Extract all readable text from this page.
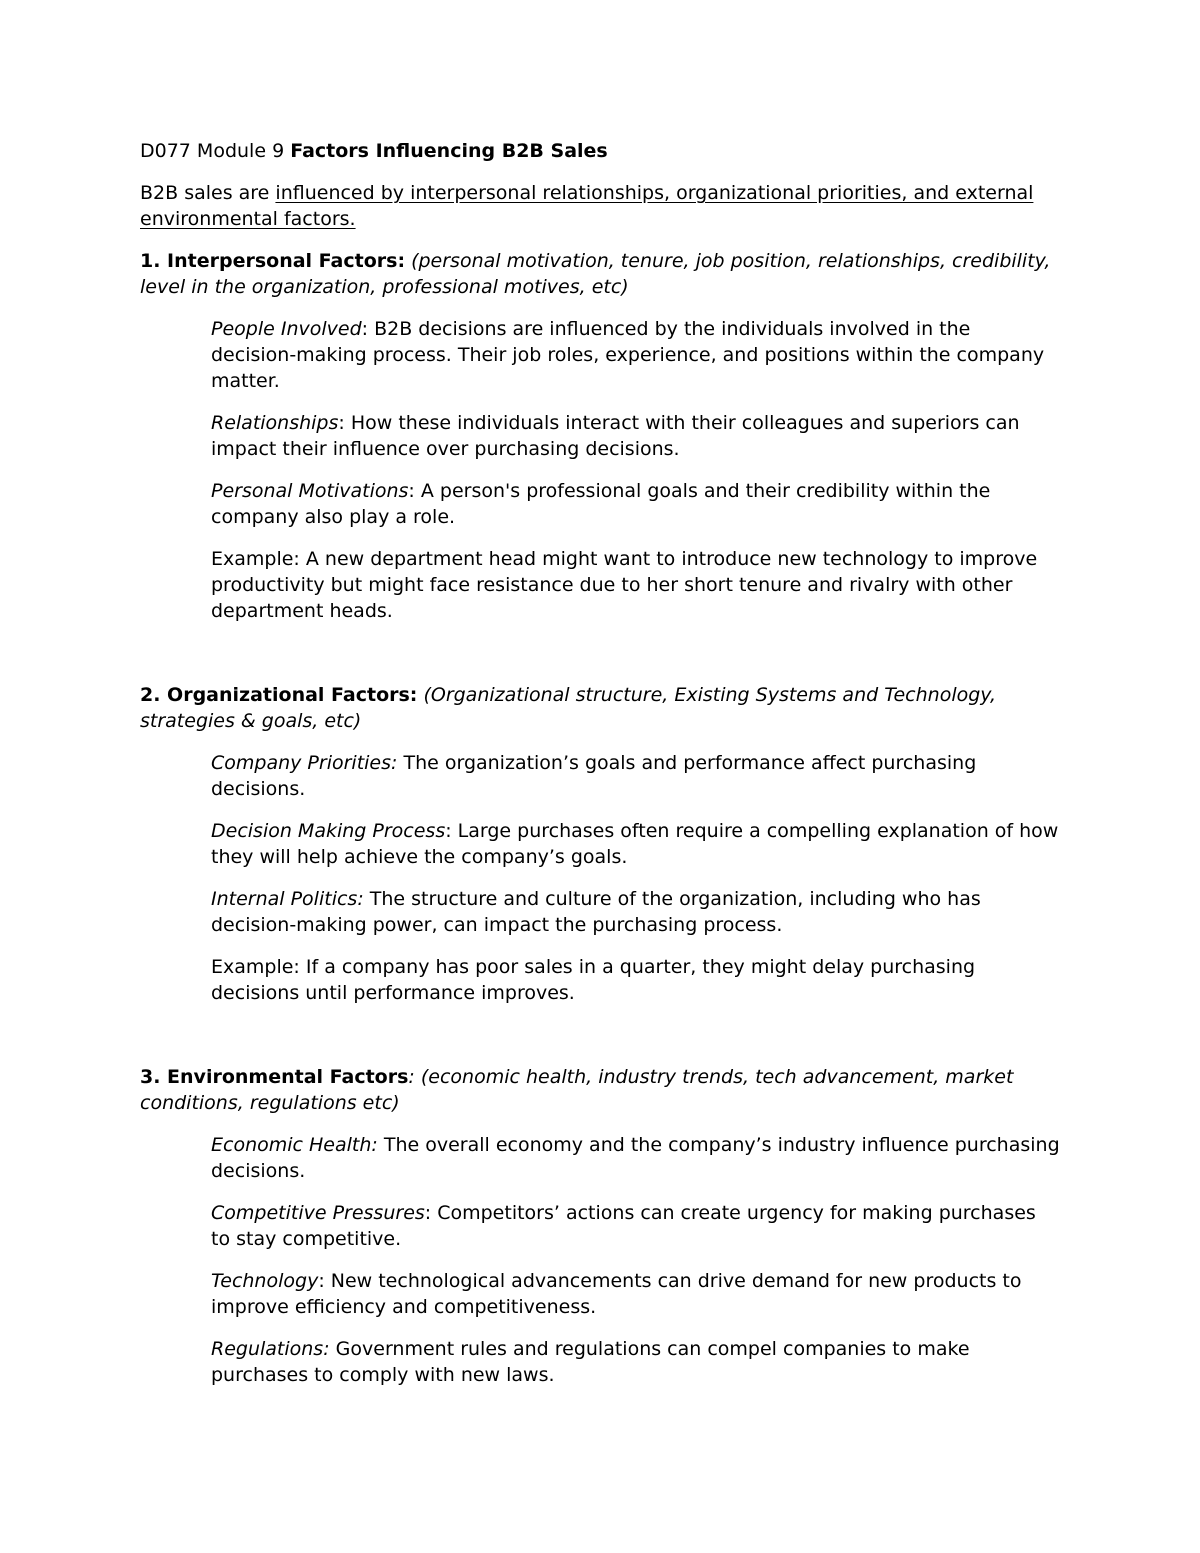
D077 Module 9 Factors Influencing B2B Sales

B2B sales are influenced by interpersonal relationships, organizational priorities, and external environmental factors.

1. Interpersonal Factors: (personal motivation, tenure, job position, relationships, credibility, level in the organization, professional motives, etc)

People Involved: B2B decisions are influenced by the individuals involved in the decision-making process. Their job roles, experience, and positions within the company matter.

Relationships: How these individuals interact with their colleagues and superiors can impact their influence over purchasing decisions.

Personal Motivations: A person's professional goals and their credibility within the company also play a role.

Example: A new department head might want to introduce new technology to improve productivity but might face resistance due to her short tenure and rivalry with other department heads.

2. Organizational Factors: (Organizational structure, Existing Systems and Technology, strategies & goals, etc)

Company Priorities: The organization’s goals and performance affect purchasing decisions.

Decision Making Process: Large purchases often require a compelling explanation of how they will help achieve the company’s goals.

Internal Politics: The structure and culture of the organization, including who has decision-making power, can impact the purchasing process.

Example: If a company has poor sales in a quarter, they might delay purchasing decisions until performance improves.

3. Environmental Factors: (economic health, industry trends, tech advancement, market conditions, regulations etc)

Economic Health: The overall economy and the company’s industry influence purchasing decisions.

Competitive Pressures: Competitors’ actions can create urgency for making purchases to stay competitive.

Technology: New technological advancements can drive demand for new products to improve efficiency and competitiveness.

Regulations: Government rules and regulations can compel companies to make purchases to comply with new laws.
